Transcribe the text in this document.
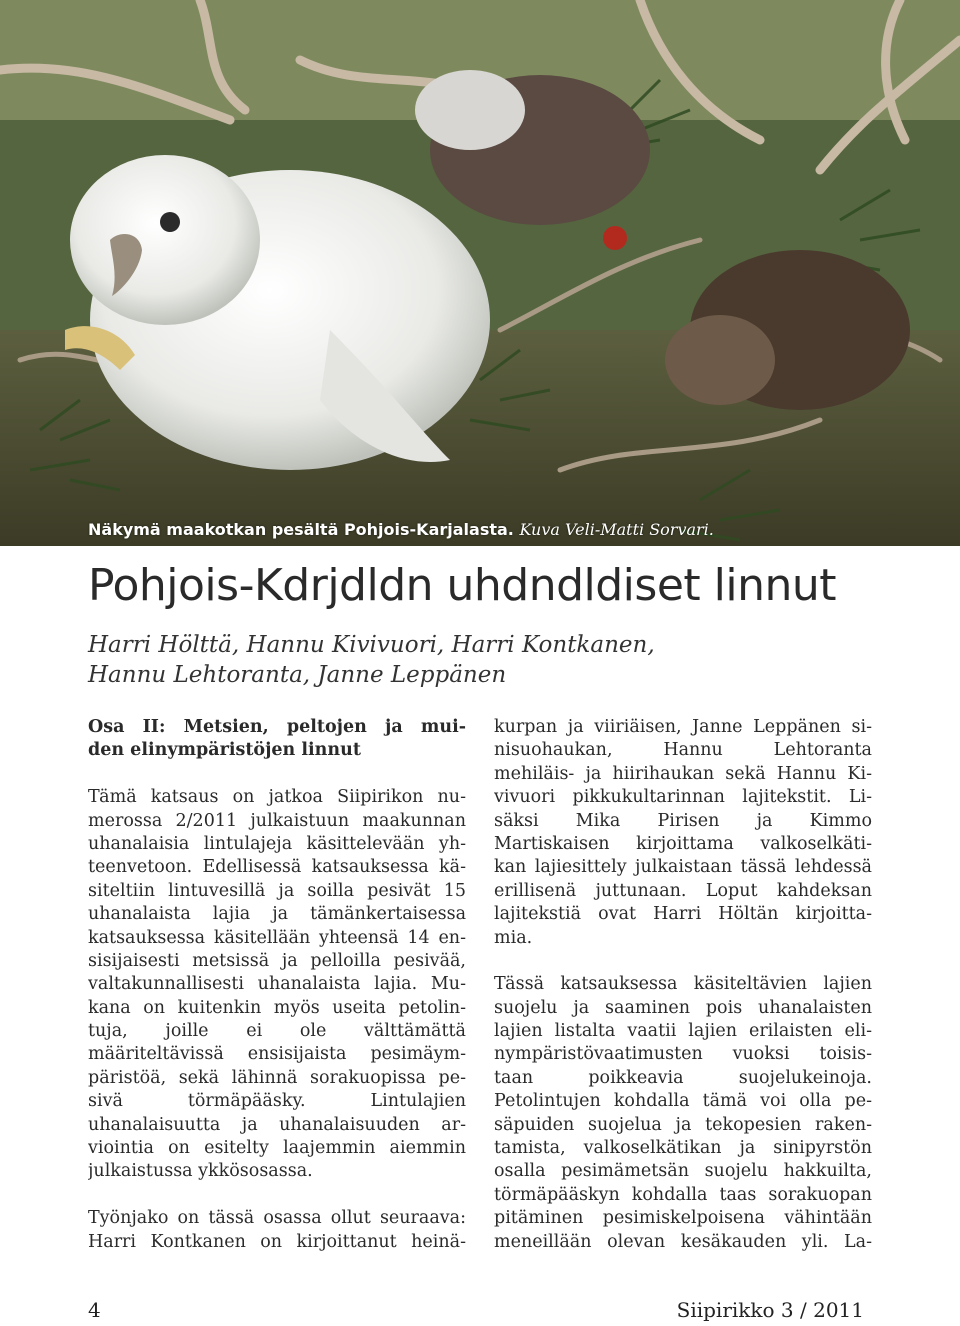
Näkymä maakotkan pesältä Pohjois-Karjalasta. Kuva Veli-Matti Sorvari.
Pohjois-Kdrjdldn uhdndldiset linnut
Harri Hölttä, Hannu Kivivuori, Harri Kontkanen,
Hannu Lehtoranta, Janne Leppänen
Osa II: Metsien, peltojen ja mui-
den elinympäristöjen linnut
Tämä katsaus on jatkoa Siipirikon nu-
merossa 2/2011 julkaistuun maakunnan
uhanalaisia lintulajeja käsittelevään yh-
teenvetoon. Edellisessä katsauksessa kä-
siteltiin lintuvesillä ja soilla pesivät 15
uhanalaista lajia ja tämänkertaisessa
katsauksessa käsitellään yhteensä 14 en-
sisijaisesti metsissä ja pelloilla pesivää,
valtakunnallisesti uhanalaista lajia. Mu-
kana on kuitenkin myös useita petolin-
tuja, joille ei ole välttämättä
määriteltävissä ensisijaista pesimäym-
päristöä, sekä lähinnä sorakuopissa pe-
sivä törmäpääsky. Lintulajien
uhanalaisuutta ja uhanalaisuuden ar-
viointia on esitelty laajemmin aiemmin
julkaistussa ykkösosassa.
Työnjako on tässä osassa ollut seuraava:
Harri Kontkanen on kirjoittanut heinä-
kurpan ja viiriäisen, Janne Leppänen si-
nisuohaukan, Hannu Lehtoranta
mehiläis- ja hiirihaukan sekä Hannu Ki-
vivuori pikkukultarinnan lajitekstit. Li-
säksi Mika Pirisen ja Kimmo
Martiskaisen kirjoittama valkoselkäti-
kan lajiesittely julkaistaan tässä lehdessä
erillisenä juttunaan. Loput kahdeksan
lajitekstiä ovat Harri Höltän kirjoitta-
mia.
Tässä katsauksessa käsiteltävien lajien
suojelu ja saaminen pois uhanalaisten
lajien listalta vaatii lajien erilaisten eli-
nympäristövaatimusten vuoksi toisis-
taan poikkeavia suojelukeinoja.
Petolintujen kohdalla tämä voi olla pe-
säpuiden suojelua ja tekopesien raken-
tamista, valkoselkätikan ja sinipyrstön
osalla pesimämetsän suojelu hakkuilta,
törmäpääskyn kohdalla taas sorakuopan
pitäminen pesimiskelpoisena vähintään
meneillään olevan kesäkauden yli. La-
4	Siipirikko 3 / 2011
